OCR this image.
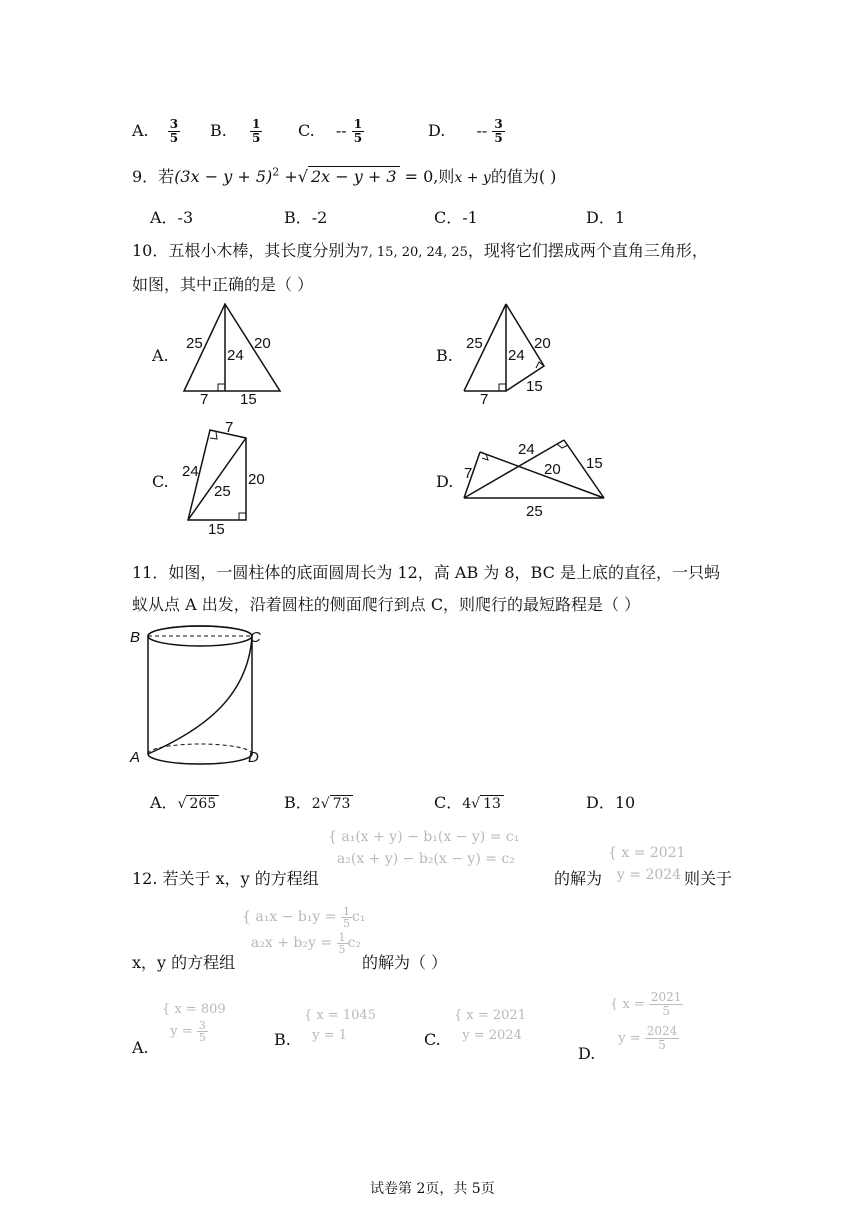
A. $\frac{3}{5} B$. $\frac{1}{5} C$. -- $\frac{1}{5}$	D. -- $\frac{3}{5}$
9．若$(3x - y + 5)^2$ +√ 2x − y + 3 = 0,则x + y的值为( )
A．-3	B．-2	C．-1	D．1
10．五根小木棒，其长度分别为7, 15, 20, 24, 25，现将它们摆成两个直角三角形，
如图，其中正确的是（ ）
A.	B.
C.	D.
25
24
20
7 15
25
24
20
7
15
7
24
25
20
15
24
7	20 15
25
11．如图，一圆柱体的底面圆周长为 12，高 AB 为 8，BC 是上底的直径，一只蚂
蚁从点 A 出发，沿着圆柱的侧面爬行到点 C，则爬行的最短路程是（ ）
B	C
A	D
A．√ 265	B．2√ 73	C．4√ 13	D．10
12. 若关于 x，y 的方程组
{ a₁(x + y) − b₁(x − y) = c₁
a₂(x + y) − b₂(x − y) = c₂
的解为
{ x = 2021
y = 2024 则关于
x，y 的方程组
{ $a_1x - b_1y = \frac{1}{5} c_1$
$a_2x + b_2y = \frac{1}{5} c_2$
的解为（ ）
A.
{ x = 809
$y = \frac{3}{5}$	B.
{ x = 1045
y = 1	C.
{ x = 2021
y = 2024
D.
{ $x = \frac{2021}{5}$
$y = \frac{2024}{5}$
试卷第 2页，共 5页
